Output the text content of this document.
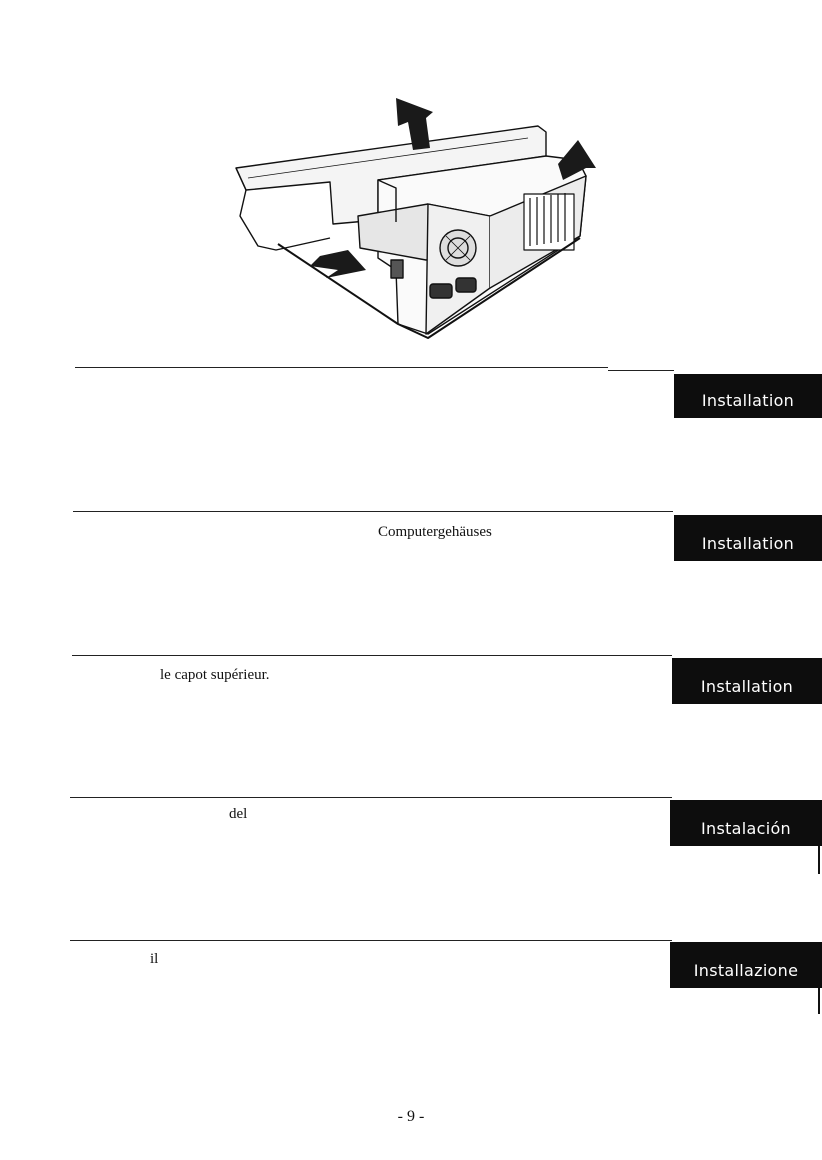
Installation
Computergehäuses
Installation
le capot supérieur.
Installation
del
Instalación
il
Installazione
- 9 -
